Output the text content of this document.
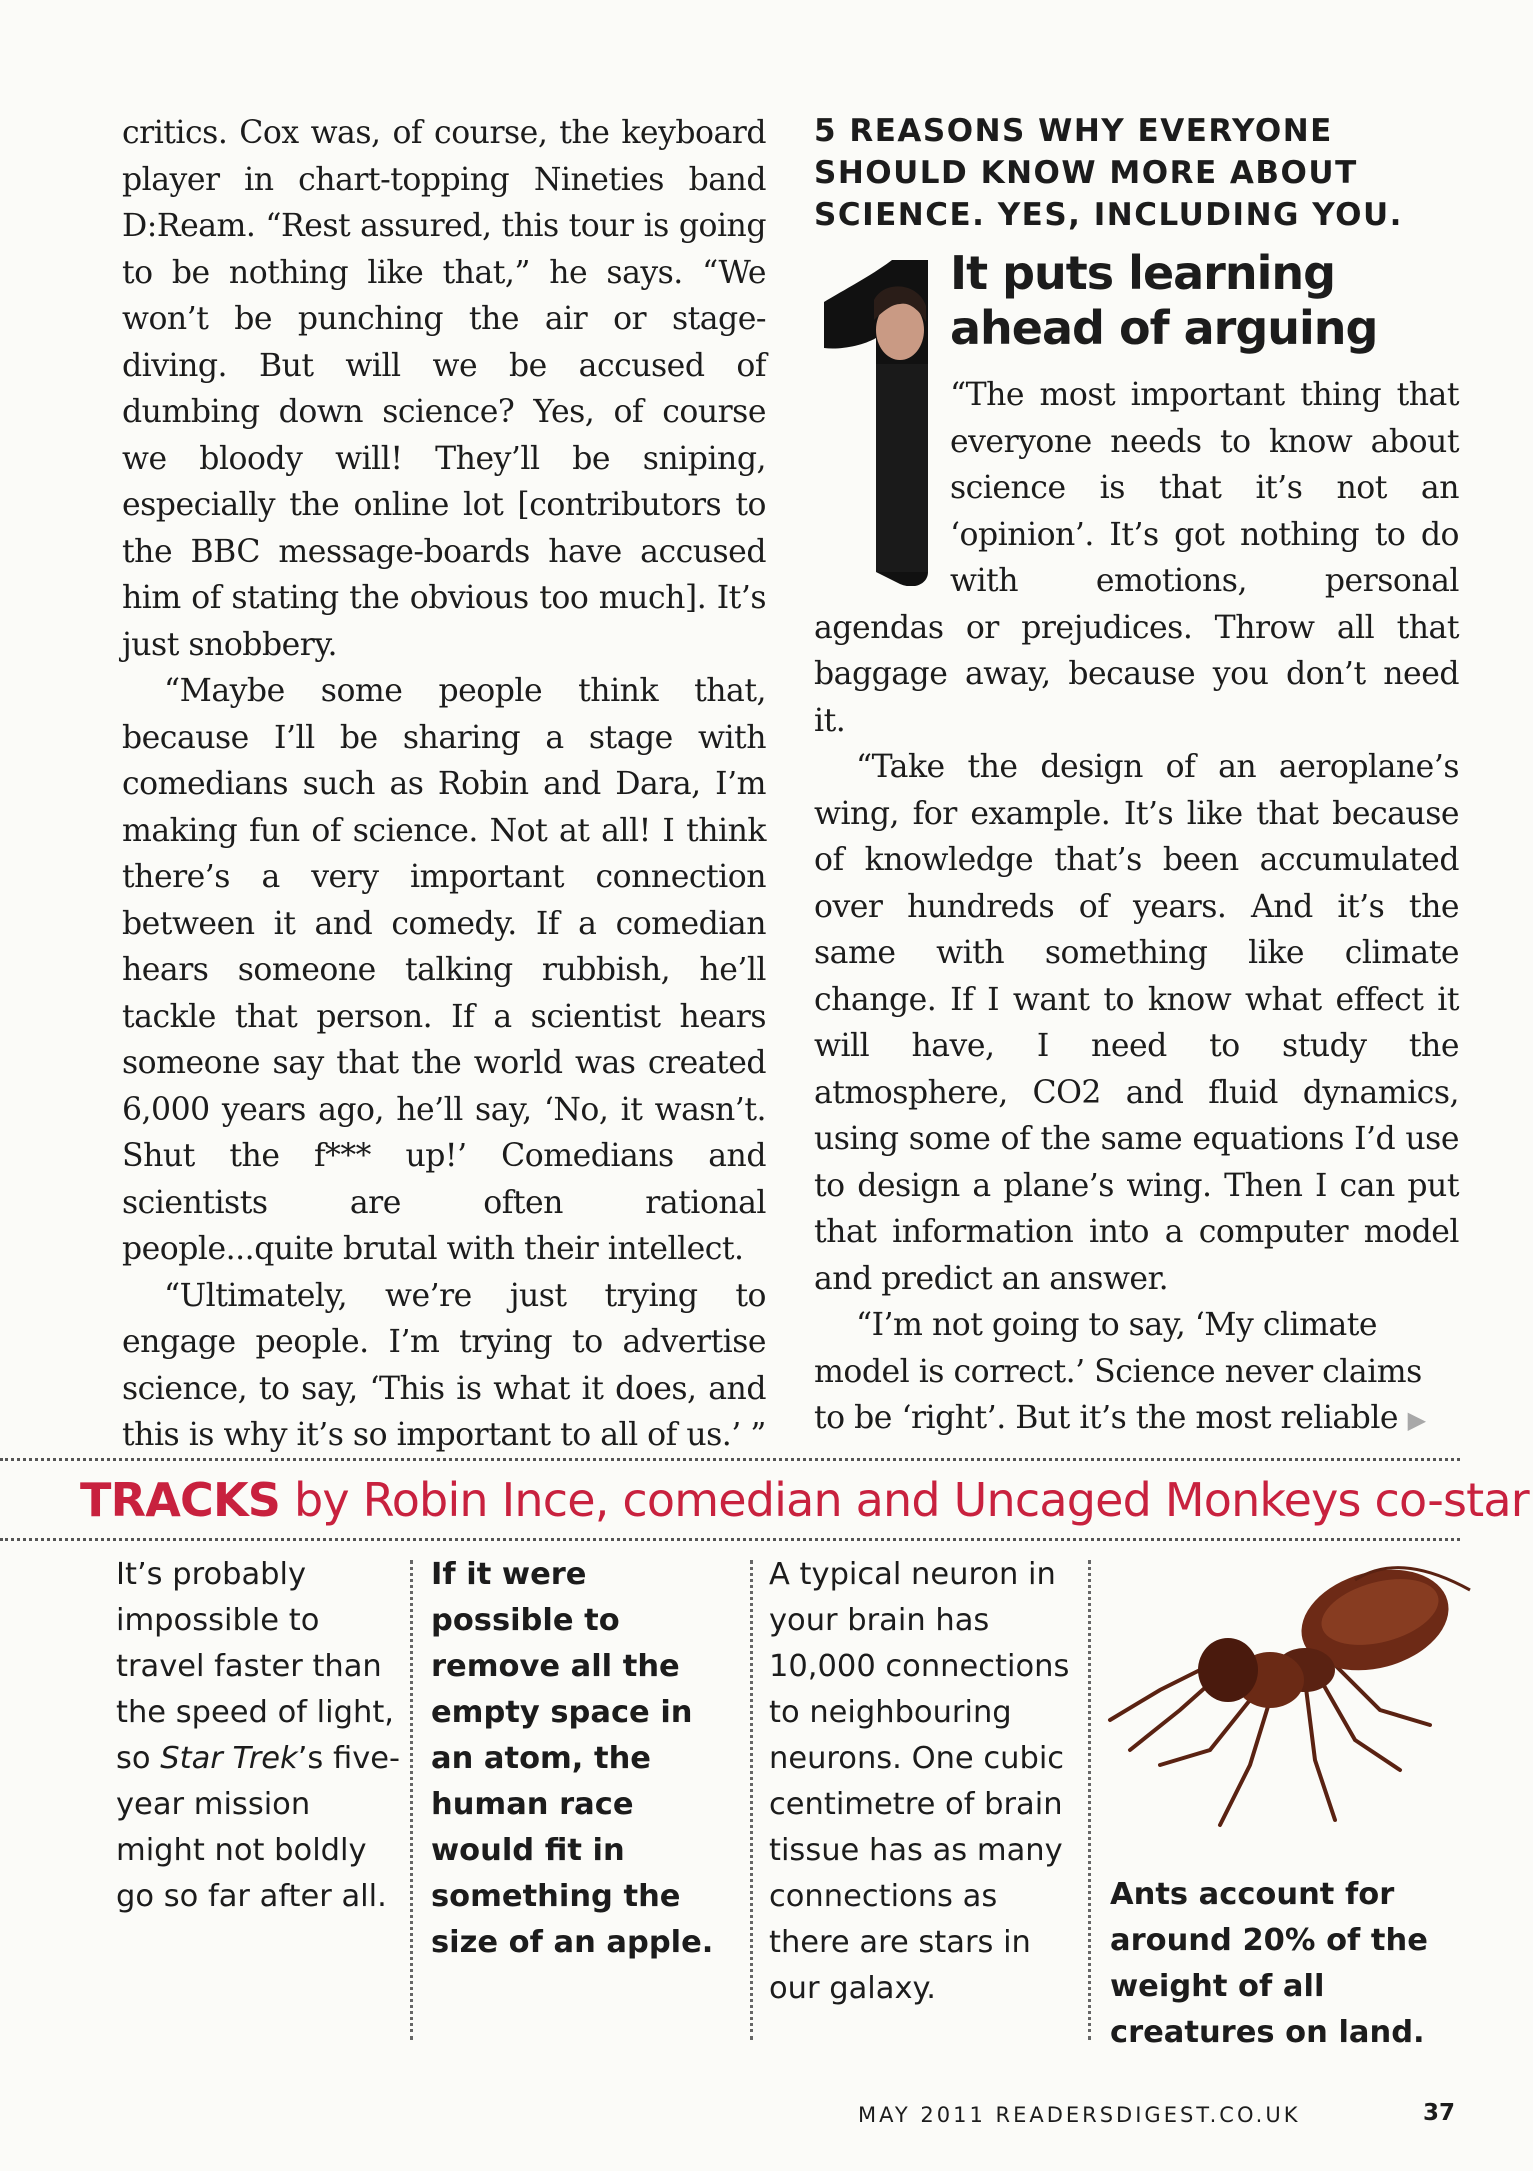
critics. Cox was, of course, the keyboard player in chart-topping Nineties band D:Ream. “Rest assured, this tour is going to be nothing like that,” he says. “We won’t be punching the air or stage-diving. But will we be accused of dumbing down science? Yes, of course we bloody will! They’ll be sniping, especially the online lot [contributors to the BBC message-boards have accused him of stating the obvious too much]. It’s just snobbery.

“Maybe some people think that, because I’ll be sharing a stage with comedians such as Robin and Dara, I’m making fun of science. Not at all! I think there’s a very important connection between it and comedy. If a comedian hears someone talking rubbish, he’ll tackle that person. If a scientist hears someone say that the world was created 6,000 years ago, he’ll say, ‘No, it wasn’t. Shut the f*** up!’ Comedians and scientists are often rational people...quite brutal with their intellect.

“Ultimately, we’re just trying to engage people. I’m trying to advertise science, to say, ‘This is what it does, and this is why it’s so important to all of us.’ ”

5 REASONS WHY EVERYONE SHOULD KNOW MORE ABOUT SCIENCE. YES, INCLUDING YOU.
It puts learning ahead of arguing

“The most important thing that everyone needs to know about science is that it’s not an ‘opinion’. It’s got nothing to do with emotions, personal agendas or prejudices. Throw all that baggage away, because you don’t need it.

“Take the design of an aeroplane’s wing, for example. It’s like that because of knowledge that’s been accumulated over hundreds of years. And it’s the same with something like climate change. If I want to know what effect it will have, I need to study the atmosphere, CO2 and fluid dynamics, using some of the same equations I’d use to design a plane’s wing. Then I can put that information into a computer model and predict an answer.

“I’m not going to say, ‘My climate model is correct.’ Science never claims to be ‘right’. But it’s the most reliable ▶

TRACKS by Robin Ince, comedian and Uncaged Monkeys co-star
It’s probably impossible to travel faster than the speed of light, so Star Trek’s five-year mission might not boldly go so far after all.
If it were possible to remove all the empty space in an atom, the human race would fit in something the size of an apple.
A typical neuron in your brain has 10,000 connections to neighbouring neurons. One cubic centimetre of brain tissue has as many connections as there are stars in our galaxy.
Ants account for around 20% of the weight of all creatures on land.
MAY 2011 READERSDIGEST.CO.UK	37
